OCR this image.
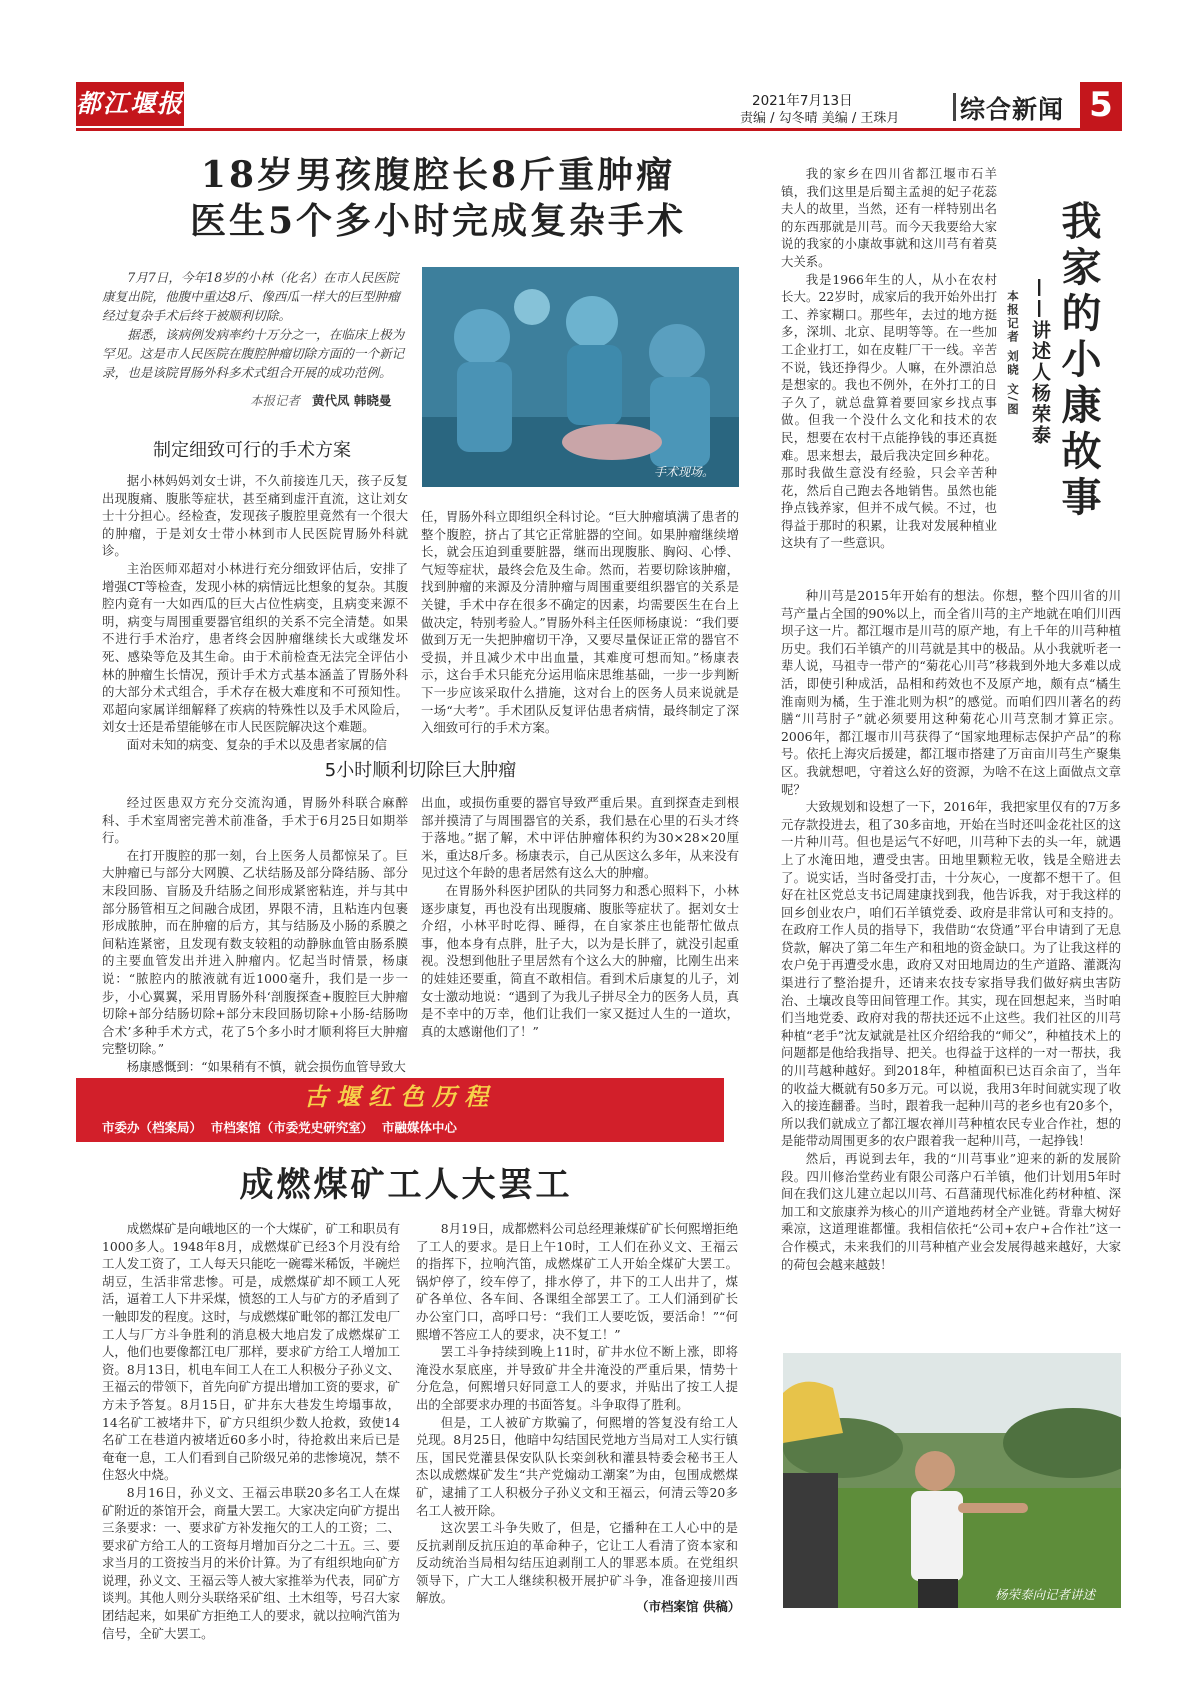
都江堰报	2021年7月13日
责编 / 勾冬晴 美编 / 王珠月 综合新闻 5
18岁男孩腹腔长8斤重肿瘤
医生5个多小时完成复杂手术

7月7日，今年18岁的小林（化名）在市人民医院康复出院，他腹中重达8斤、像西瓜一样大的巨型肿瘤经过复杂手术后终于被顺利切除。

据悉，该病例发病率约十万分之一，在临床上极为罕见。这是市人民医院在腹腔肿瘤切除方面的一个新记录，也是该院胃肠外科多术式组合开展的成功范例。

本报记者 黄代凤 韩晓曼
手术现场。
制定细致可行的手术方案

据小林妈妈刘女士讲，不久前接连几天，孩子反复出现腹痛、腹胀等症状，甚至痛到虚汗直流，这让刘女士十分担心。经检查，发现孩子腹腔里竟然有一个很大的肿瘤，于是刘女士带小林到市人民医院胃肠外科就诊。

主治医师邓超对小林进行充分细致评估后，安排了增强CT等检查，发现小林的病情远比想象的复杂。其腹腔内竟有一大如西瓜的巨大占位性病变，且病变来源不明，病变与周围重要器官组织的关系不完全清楚。如果不进行手术治疗，患者终会因肿瘤继续长大或继发坏死、感染等危及其生命。由于术前检查无法完全评估小林的肿瘤生长情况，预计手术方式基本涵盖了胃肠外科的大部分术式组合，手术存在极大难度和不可预知性。邓超向家属详细解释了疾病的特殊性以及手术风险后，刘女士还是希望能够在市人民医院解决这个难题。

面对未知的病变、复杂的手术以及患者家属的信

任，胃肠外科立即组织全科讨论。“巨大肿瘤填满了患者的整个腹腔，挤占了其它正常脏器的空间。如果肿瘤继续增长，就会压迫到重要脏器，继而出现腹胀、胸闷、心悸、气短等症状，最终会危及生命。然而，若要切除该肿瘤，找到肿瘤的来源及分清肿瘤与周围重要组织器官的关系是关键，手术中存在很多不确定的因素，均需要医生在台上做决定，特别考验人。”胃肠外科主任医师杨康说：“我们要做到万无一失把肿瘤切干净，又要尽量保证正常的器官不受损，并且减少术中出血量，其难度可想而知。”杨康表示，这台手术只能充分运用临床思维基础，一步一步判断下一步应该采取什么措施，这对台上的医务人员来说就是一场“大考”。手术团队反复评估患者病情，最终制定了深入细致可行的手术方案。

5小时顺利切除巨大肿瘤

经过医患双方充分交流沟通，胃肠外科联合麻醉科、手术室周密完善术前准备，手术于6月25日如期举行。

在打开腹腔的那一刻，台上医务人员都惊呆了。巨大肿瘤已与部分大网膜、乙状结肠及部分降结肠、部分末段回肠、盲肠及升结肠之间形成紧密粘连，并与其中部分肠管相互之间融合成团，界限不清，且粘连内包裹形成脓肿，而在肿瘤的后方，其与结肠及小肠的系膜之间粘连紧密，且发现有数支较粗的动静脉血管由肠系膜的主要血管发出并进入肿瘤内。忆起当时情景，杨康说：“脓腔内的脓液就有近1000毫升，我们是一步一步，小心翼翼，采用胃肠外科‘剖腹探查+腹腔巨大肿瘤切除+部分结肠切除+部分末段回肠切除+小肠-结肠吻合术’多种手术方式，花了5个多小时才顺利将巨大肿瘤完整切除。”

杨康感慨到：“如果稍有不慎，就会损伤血管导致大

出血，或损伤重要的器官导致严重后果。直到探查走到根部并摸清了与周围器官的关系，我们悬在心里的石头才终于落地。”据了解，术中评估肿瘤体积约为30×28×20厘米，重达8斤多。杨康表示，自己从医这么多年，从来没有见过这个年龄的患者居然有这么大的肿瘤。

在胃肠外科医护团队的共同努力和悉心照料下，小林逐步康复，再也没有出现腹痛、腹胀等症状了。据刘女士介绍，小林平时吃得、睡得，在自家茶庄也能帮忙做点事，他本身有点胖，肚子大，以为是长胖了，就没引起重视。没想到他肚子里居然有个这么大的肿瘤，比刚生出来的娃娃还要重，简直不敢相信。看到术后康复的儿子，刘女士激动地说：“遇到了为我儿子拼尽全力的医务人员，真是不幸中的万幸，他们让我们一家又挺过人生的一道坎，真的太感谢他们了！”

古堰红色历程
市委办（档案局）  市档案馆（市委党史研究室）  市融媒体中心
成燃煤矿工人大罢工

成燃煤矿是向峨地区的一个大煤矿，矿工和职员有1000多人。1948年8月，成燃煤矿已经3个月没有给工人发工资了，工人每天只能吃一碗霉米稀饭，半碗烂胡豆，生活非常悲惨。可是，成燃煤矿却不顾工人死活，逼着工人下井采煤，愤怒的工人与矿方的矛盾到了一触即发的程度。这时，与成燃煤矿毗邻的都江发电厂工人与厂方斗争胜利的消息极大地启发了成燃煤矿工人，他们也要像都江电厂那样，要求矿方给工人增加工资。8月13日，机电车间工人在工人积极分子孙义文、王福云的带领下，首先向矿方提出增加工资的要求，矿方未予答复。8月15日，矿井东大巷发生垮塌事故，14名矿工被堵井下，矿方只组织少数人抢救，致使14名矿工在巷道内被堵近60多小时，待抢救出来后已是奄奄一息，工人们看到自己阶级兄弟的悲惨境况，禁不住怒火中烧。

8月16日，孙义文、王福云串联20多名工人在煤矿附近的茶馆开会，商量大罢工。大家决定向矿方提出三条要求：一、要求矿方补发拖欠的工人的工资；二、要求矿方给工人的工资每月增加百分之二十五。三、要求当月的工资按当月的米价计算。为了有组织地向矿方说理，孙义文、王福云等人被大家推举为代表，同矿方谈判。其他人则分头联络采矿组、土木组等，号召大家团结起来，如果矿方拒绝工人的要求，就以拉响汽笛为信号，全矿大罢工。

8月19日，成都燃料公司总经理兼煤矿矿长何熙增拒绝了工人的要求。是日上午10时，工人们在孙义文、王福云的指挥下，拉响汽笛，成燃煤矿工人开始全煤矿大罢工。锅炉停了，绞车停了，排水停了，井下的工人出井了，煤矿各单位、各车间、各课组全部罢工了。工人们涌到矿长办公室门口，高呼口号：“我们工人要吃饭，要活命！”“何熙增不答应工人的要求，决不复工！”

罢工斗争持续到晚上11时，矿井水位不断上涨，即将淹没水泵底座，并导致矿井全井淹没的严重后果，情势十分危急，何熙增只好同意工人的要求，并贴出了按工人提出的全部要求办理的书面答复。斗争取得了胜利。

但是，工人被矿方欺骗了，何熙增的答复没有给工人兑现。8月25日，他暗中勾结国民党地方当局对工人实行镇压，国民党灌县保安队队长栾剑秋和灌县特委会秘书王人杰以成燃煤矿发生“共产党煽动工潮案”为由，包围成燃煤矿，逮捕了工人积极分子孙义文和王福云，何清云等20多名工人被开除。

这次罢工斗争失败了，但是，它播种在工人心中的是反抗剥削反抗压迫的革命种子，它让工人看清了资本家和反动统治当局相勾结压迫剥削工人的罪恶本质。在党组织领导下，广大工人继续积极开展护矿斗争，准备迎接川西解放。

（市档案馆 供稿）

我的家乡在四川省都江堰市石羊镇，我们这里是后蜀主孟昶的妃子花蕊夫人的故里，当然，还有一样特别出名的东西那就是川芎。而今天我要给大家说的我家的小康故事就和这川芎有着莫大关系。

我是1966年生的人，从小在农村长大。22岁时，成家后的我开始外出打工、养家糊口。那些年，去过的地方挺多，深圳、北京、昆明等等。在一些加工企业打工，如在皮鞋厂干一线。辛苦不说，钱还挣得少。人嘛，在外漂泊总是想家的。我也不例外，在外打工的日子久了，就总盘算着要回家乡找点事做。但我一个没什么文化和技术的农民，想要在农村干点能挣钱的事还真挺难。思来想去，最后我决定回乡种花。那时我做生意没有经验，只会辛苦种花，然后自己跑去各地销售。虽然也能挣点钱养家，但并不成气候。不过，也得益于那时的积累，让我对发展种植业这块有了一些意识。

我家的小康故事
——讲述人杨荣泰
本报记者 刘晓 文/图

种川芎是2015年开始有的想法。你想，整个四川省的川芎产量占全国的90%以上，而全省川芎的主产地就在咱们川西坝子这一片。都江堰市是川芎的原产地，有上千年的川芎种植历史。我们石羊镇产的川芎就是其中的极品。从小我就听老一辈人说，马祖寺一带产的“菊花心川芎”移栽到外地大多难以成活，即使引种成活，品相和药效也不及原产地，颇有点“橘生淮南则为橘，生于淮北则为枳”的感觉。而咱们四川著名的药膳“川芎肘子”就必须要用这种菊花心川芎烹制才算正宗。2006年，都江堰市川芎获得了“国家地理标志保护产品”的称号。依托上海灾后援建，都江堰市搭建了万亩亩川芎生产聚集区。我就想吧，守着这么好的资源，为啥不在这上面做点文章呢？

大致规划和设想了一下，2016年，我把家里仅有的7万多元存款投进去，租了30多亩地，开始在当时还叫金花社区的这一片种川芎。但也是运气不好吧，川芎种下去的头一年，就遇上了水淹田地，遭受虫害。田地里颗粒无收，钱是全赔进去了。说实话，当时备受打击，十分灰心，一度都不想干了。但好在社区党总支书记周建康找到我，他告诉我，对于我这样的回乡创业农户，咱们石羊镇党委、政府是非常认可和支持的。在政府工作人员的指导下，我借助“农贷通”平台申请到了无息贷款，解决了第二年生产和租地的资金缺口。为了让我这样的农户免于再遭受水患，政府又对田地周边的生产道路、灌溉沟渠进行了整治提升，还请来农技专家指导我们做好病虫害防治、土壤改良等田间管理工作。其实，现在回想起来，当时咱们当地党委、政府对我的帮扶还远不止这些。我们社区的川芎种植“老手”沈友斌就是社区介绍给我的“师父”，种植技术上的问题都是他给我指导、把关。也得益于这样的一对一帮扶，我的川芎越种越好。到2018年，种植面积已达百余亩了，当年的收益大概就有50多万元。可以说，我用3年时间就实现了收入的接连翻番。当时，跟着我一起种川芎的老乡也有20多个，所以我们就成立了都江堰农禅川芎种植农民专业合作社，想的是能带动周围更多的农户跟着我一起种川芎，一起挣钱！

然后，再说到去年，我的“川芎事业”迎来的新的发展阶段。四川修治堂药业有限公司落户石羊镇，他们计划用5年时间在我们这儿建立起以川芎、石菖蒲现代标准化药材种植、深加工和文旅康养为核心的川产道地药材全产业链。背靠大树好乘凉，这道理谁都懂。我相信依托“公司+农户+合作社”这一合作模式，未来我们的川芎种植产业会发展得越来越好，大家的荷包会越来越鼓！

杨荣泰向记者讲述
